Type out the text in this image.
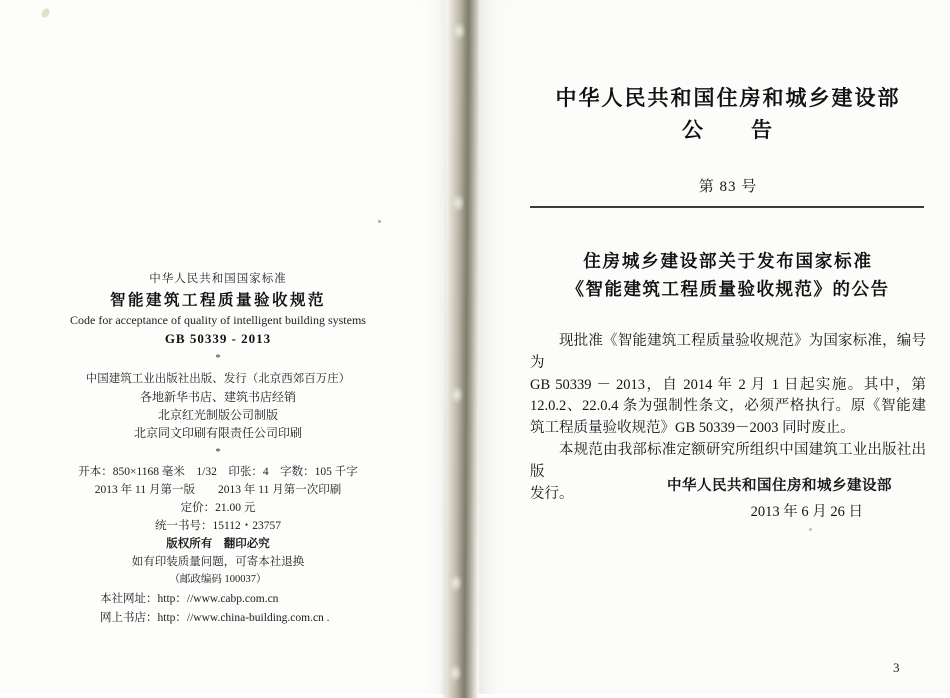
中华人民共和国国家标准
智能建筑工程质量验收规范
Code for acceptance of quality of intelligent building systems
GB 50339 - 2013
*
中国建筑工业出版社出版、发行（北京西郊百万庄）
各地新华书店、建筑书店经销
北京红光制版公司制版
北京同文印刷有限责任公司印刷
*
开本：850×1168 毫米　1/32　印张：4　字数：105 千字
2013 年 11 月第一版　　2013 年 11 月第一次印刷
定价：21.00 元
统一书号：15112・23757
版权所有　翻印必究
如有印装质量问题，可寄本社退换
（邮政编码 100037）
本社网址：http：//www.cabp.com.cn
网上书店：http：//www.china-building.com.cn .
中华人民共和国住房和城乡建设部
公　　告
第 83 号
住房城乡建设部关于发布国家标准
《智能建筑工程质量验收规范》的公告
现批准《智能建筑工程质量验收规范》为国家标准，编号为
GB 50339 － 2013，自 2014 年 2 月 1 日起实施。其中，第
12.0.2、22.0.4 条为强制性条文，必须严格执行。原《智能建
筑工程质量验收规范》GB 50339－2003 同时废止。
本规范由我部标准定额研究所组织中国建筑工业出版社出版
发行。	中华人民共和国住房和城乡建设部
2013 年 6 月 26 日
3
